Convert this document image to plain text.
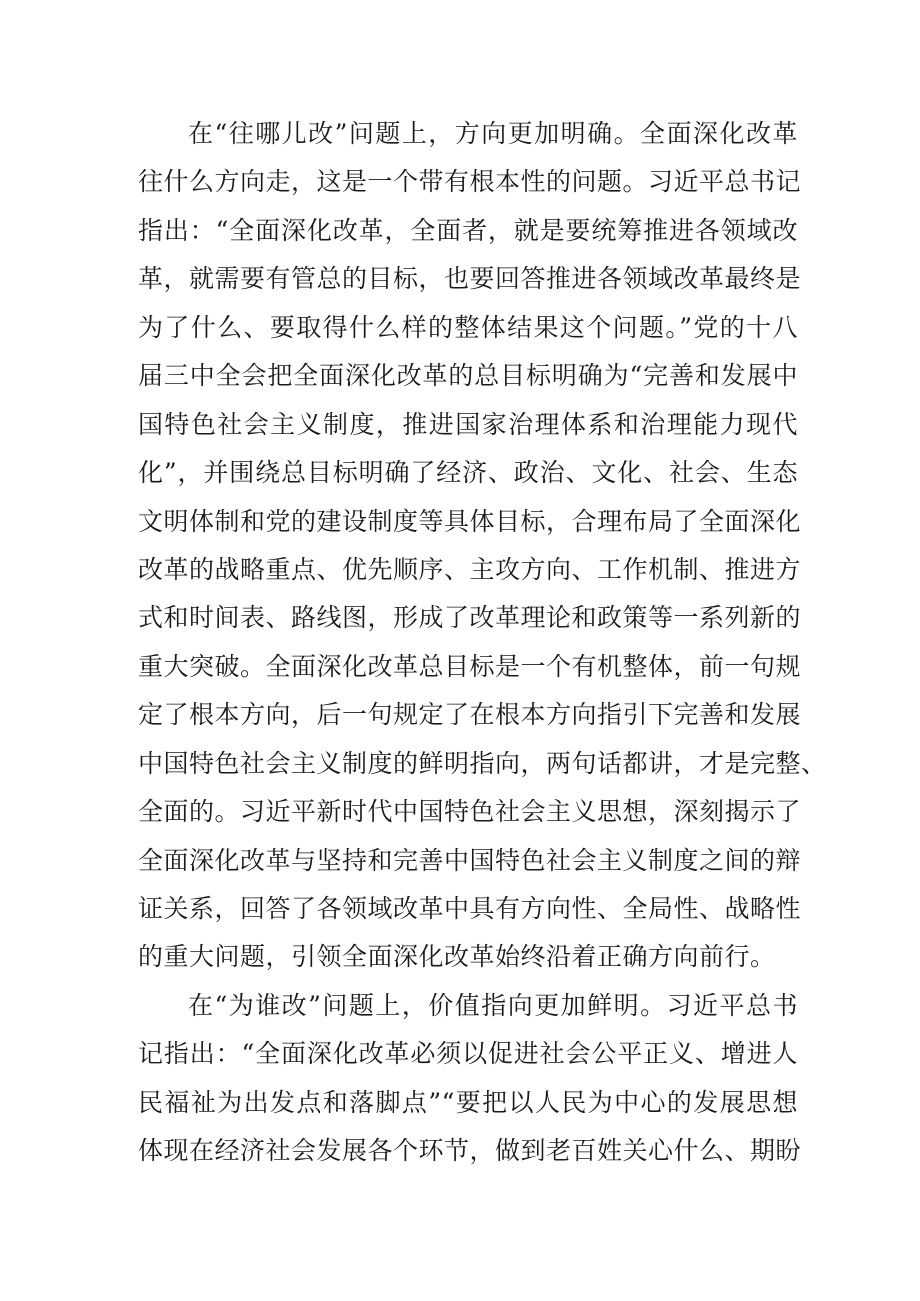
在“往哪儿改”问题上，方向更加明确。全面深化改革
往什么方向走，这是一个带有根本性的问题。习近平总书记
指出：“全面深化改革，全面者，就是要统筹推进各领域改
革，就需要有管总的目标，也要回答推进各领域改革最终是
为了什么、要取得什么样的整体结果这个问题。”党的十八
届三中全会把全面深化改革的总目标明确为“完善和发展中
国特色社会主义制度，推进国家治理体系和治理能力现代
化”，并围绕总目标明确了经济、政治、文化、社会、生态
文明体制和党的建设制度等具体目标，合理布局了全面深化
改革的战略重点、优先顺序、主攻方向、工作机制、推进方
式和时间表、路线图，形成了改革理论和政策等一系列新的
重大突破。全面深化改革总目标是一个有机整体，前一句规
定了根本方向，后一句规定了在根本方向指引下完善和发展
中国特色社会主义制度的鲜明指向，两句话都讲，才是完整、
全面的。习近平新时代中国特色社会主义思想，深刻揭示了
全面深化改革与坚持和完善中国特色社会主义制度之间的辩
证关系，回答了各领域改革中具有方向性、全局性、战略性
的重大问题，引领全面深化改革始终沿着正确方向前行。
在“为谁改”问题上，价值指向更加鲜明。习近平总书
记指出：“全面深化改革必须以促进社会公平正义、增进人
民福祉为出发点和落脚点”“要把以人民为中心的发展思想
体现在经济社会发展各个环节，做到老百姓关心什么、期盼
